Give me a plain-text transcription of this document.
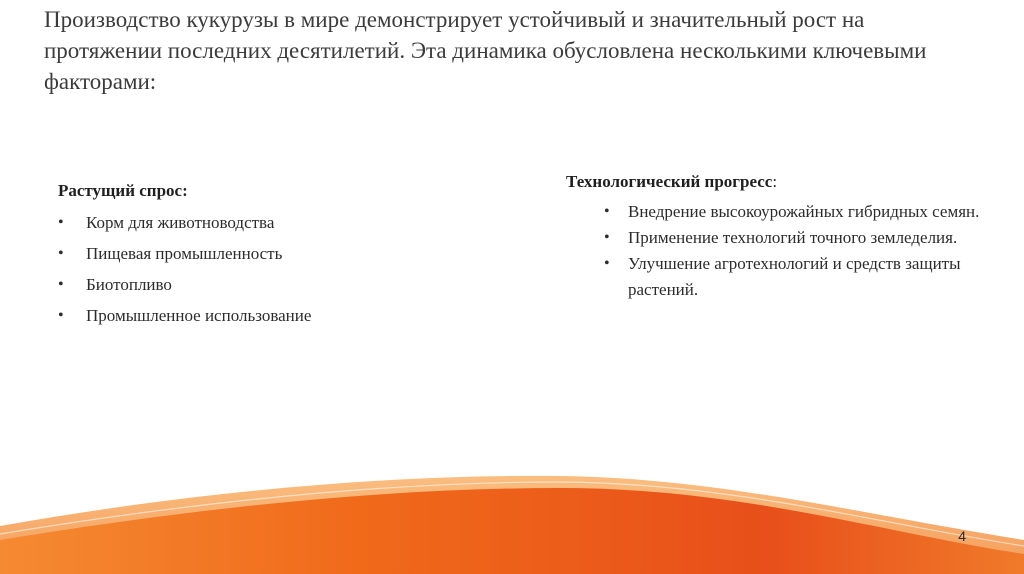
Производство кукурузы в мире демонстрирует устойчивый и значительный рост на протяжении последних десятилетий. Эта динамика обусловлена несколькими ключевыми факторами:

Растущий спрос:

• Корм для животноводства
• Пищевая промышленность
• Биотопливо
• Промышленное использование

Технологический прогресс:

• Внедрение высокоурожайных гибридных семян.
• Применение технологий точного земледелия.
• Улучшение агротехнологий и средств защиты растений.
4
